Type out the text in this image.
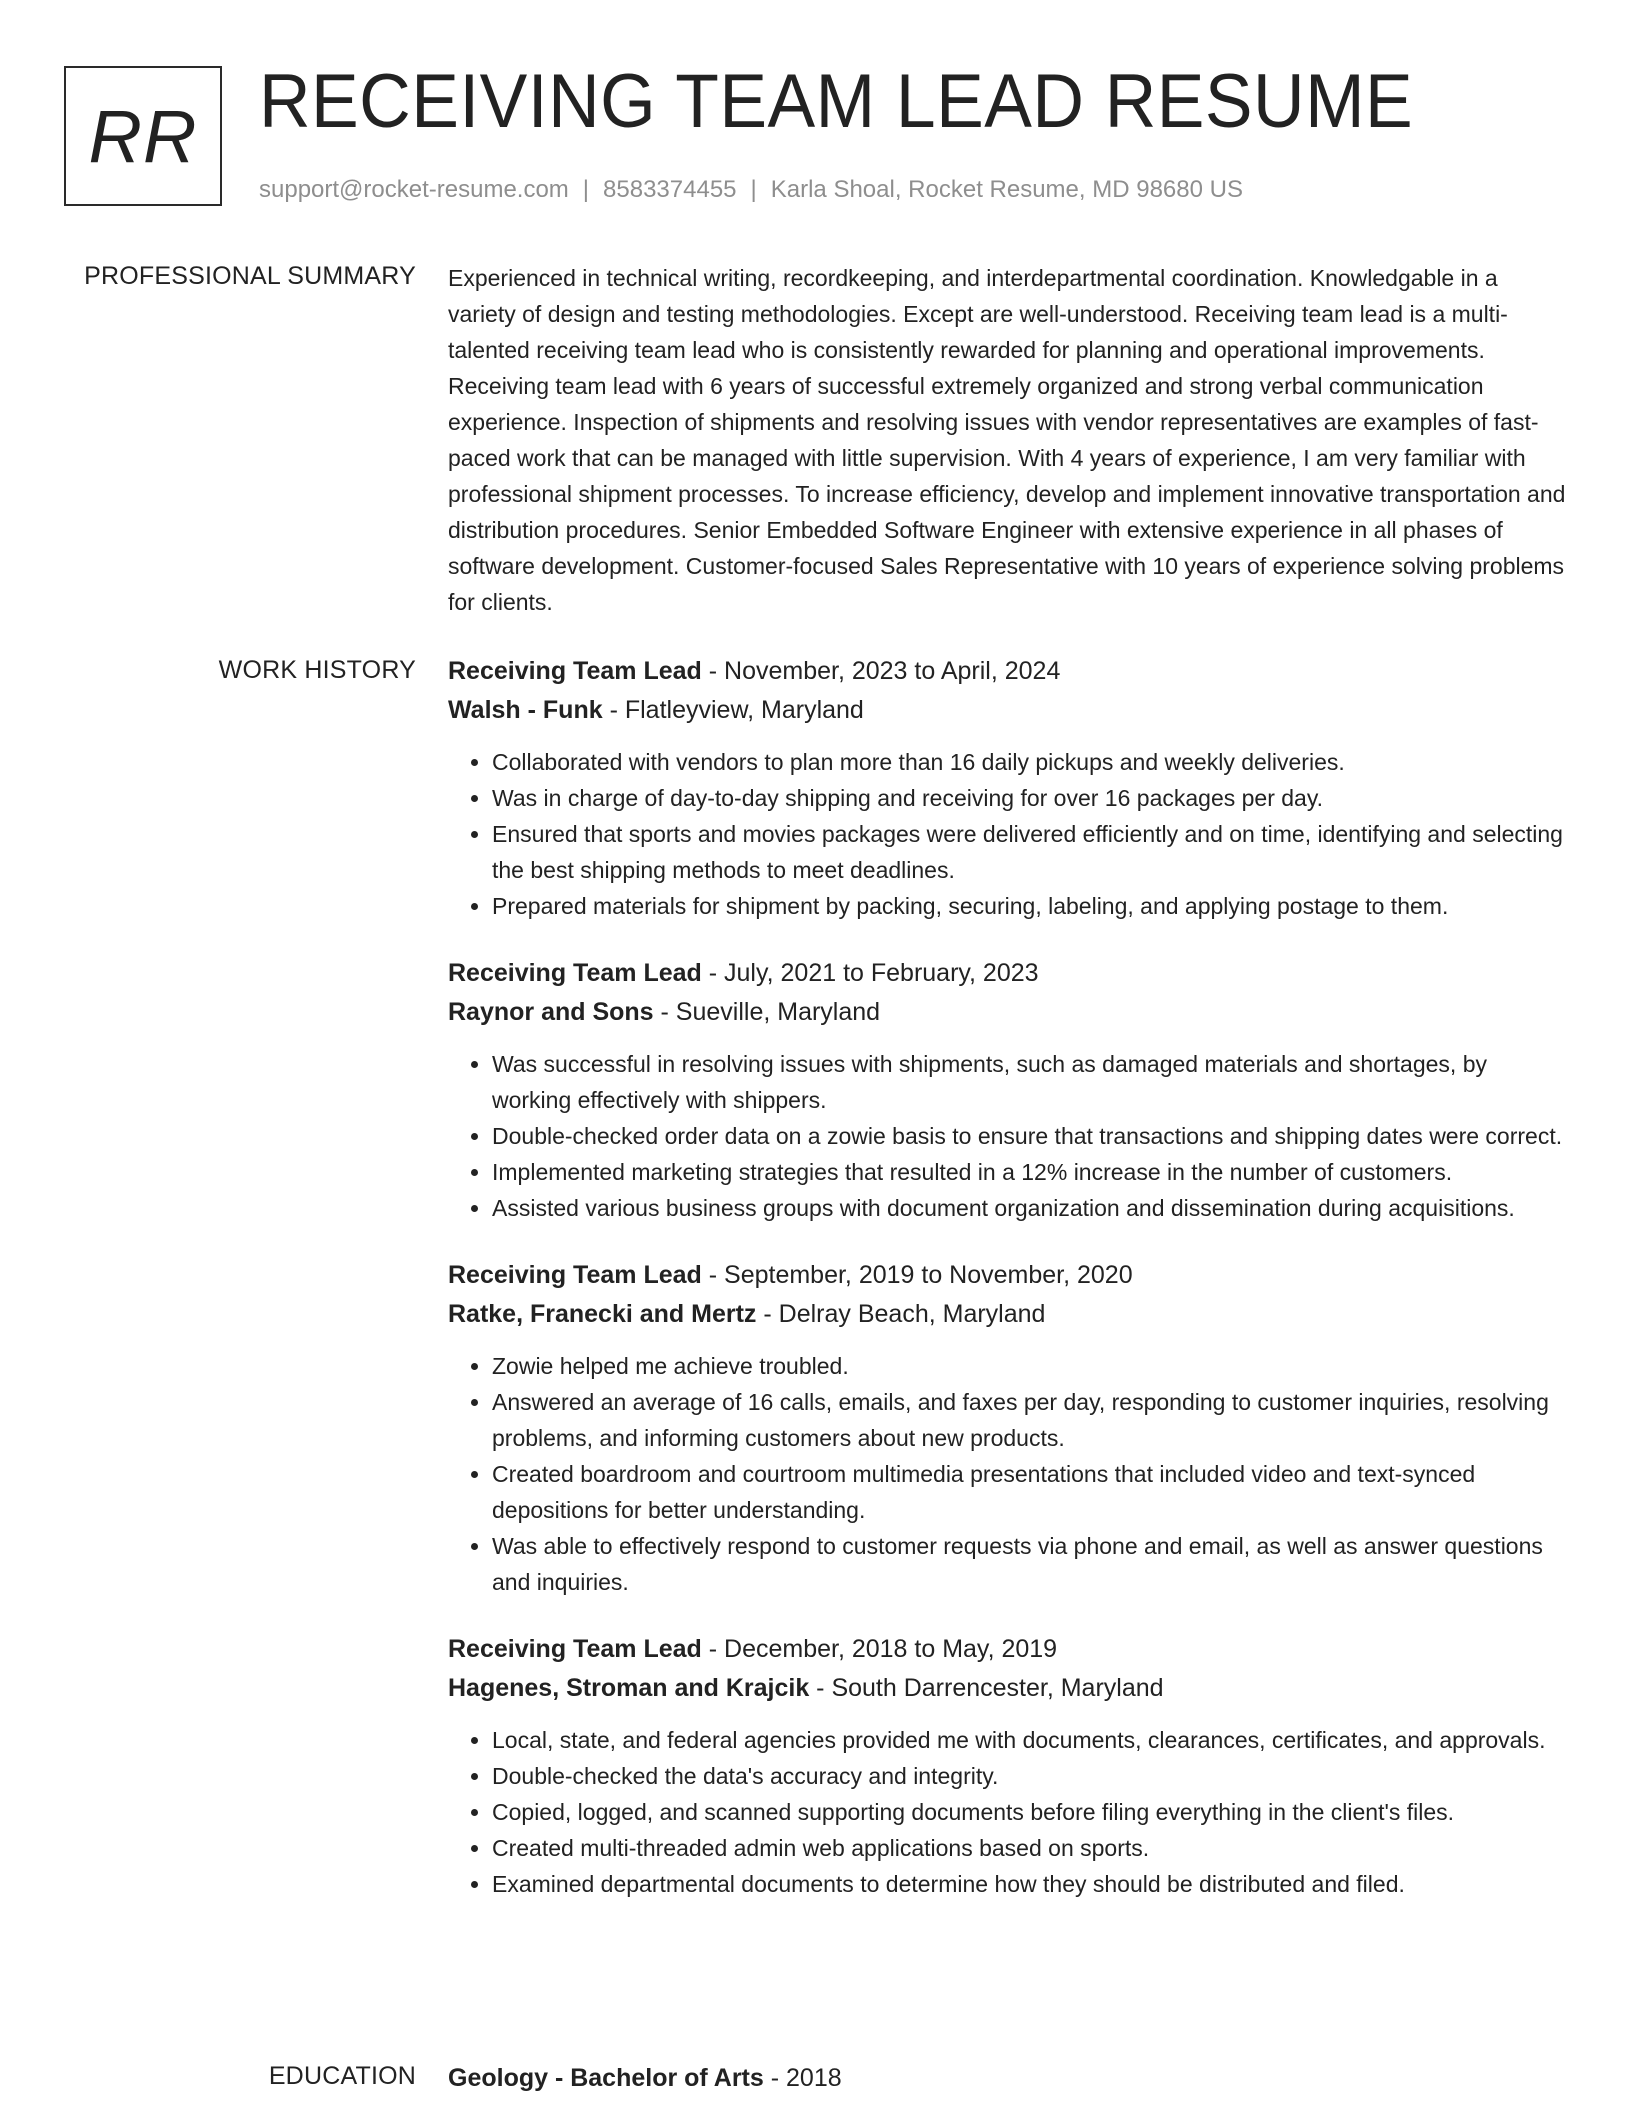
RR RECEIVING TEAM LEAD RESUME
support@rocket-resume.com | 8583374455 | Karla Shoal, Rocket Resume, MD 98680 US
PROFESSIONAL SUMMARY Experienced in technical writing, recordkeeping, and interdepartmental coordination. Knowledgable in a variety of design and testing methodologies. Except are well-understood. Receiving team lead is a multi-talented receiving team lead who is consistently rewarded for planning and operational improvements. Receiving team lead with 6 years of successful extremely organized and strong verbal communication experience. Inspection of shipments and resolving issues with vendor representatives are examples of fast-paced work that can be managed with little supervision. With 4 years of experience, I am very familiar with professional shipment processes. To increase efficiency, develop and implement innovative transportation and distribution procedures. Senior Embedded Software Engineer with extensive experience in all phases of software development. Customer-focused Sales Representative with 10 years of experience solving problems for clients.

WORK HISTORY Receiving Team Lead - November, 2023 to April, 2024
Walsh - Funk - Flatleyview, Maryland
• Collaborated with vendors to plan more than 16 daily pickups and weekly deliveries.
• Was in charge of day-to-day shipping and receiving for over 16 packages per day.
• Ensured that sports and movies packages were delivered efficiently and on time, identifying and selecting the best shipping methods to meet deadlines.
• Prepared materials for shipment by packing, securing, labeling, and applying postage to them.
Receiving Team Lead - July, 2021 to February, 2023
Raynor and Sons - Sueville, Maryland
• Was successful in resolving issues with shipments, such as damaged materials and shortages, by working effectively with shippers.
• Double-checked order data on a zowie basis to ensure that transactions and shipping dates were correct.
• Implemented marketing strategies that resulted in a 12% increase in the number of customers.
• Assisted various business groups with document organization and dissemination during acquisitions.
Receiving Team Lead - September, 2019 to November, 2020
Ratke, Franecki and Mertz - Delray Beach, Maryland
• Zowie helped me achieve troubled.
• Answered an average of 16 calls, emails, and faxes per day, responding to customer inquiries, resolving problems, and informing customers about new products.
• Created boardroom and courtroom multimedia presentations that included video and text-synced depositions for better understanding.
• Was able to effectively respond to customer requests via phone and email, as well as answer questions and inquiries.
Receiving Team Lead - December, 2018 to May, 2019
Hagenes, Stroman and Krajcik - South Darrencester, Maryland
• Local, state, and federal agencies provided me with documents, clearances, certificates, and approvals.
• Double-checked the data's accuracy and integrity.
• Copied, logged, and scanned supporting documents before filing everything in the client's files.
• Created multi-threaded admin web applications based on sports.
• Examined departmental documents to determine how they should be distributed and filed.
EDUCATION Geology - Bachelor of Arts - 2018
